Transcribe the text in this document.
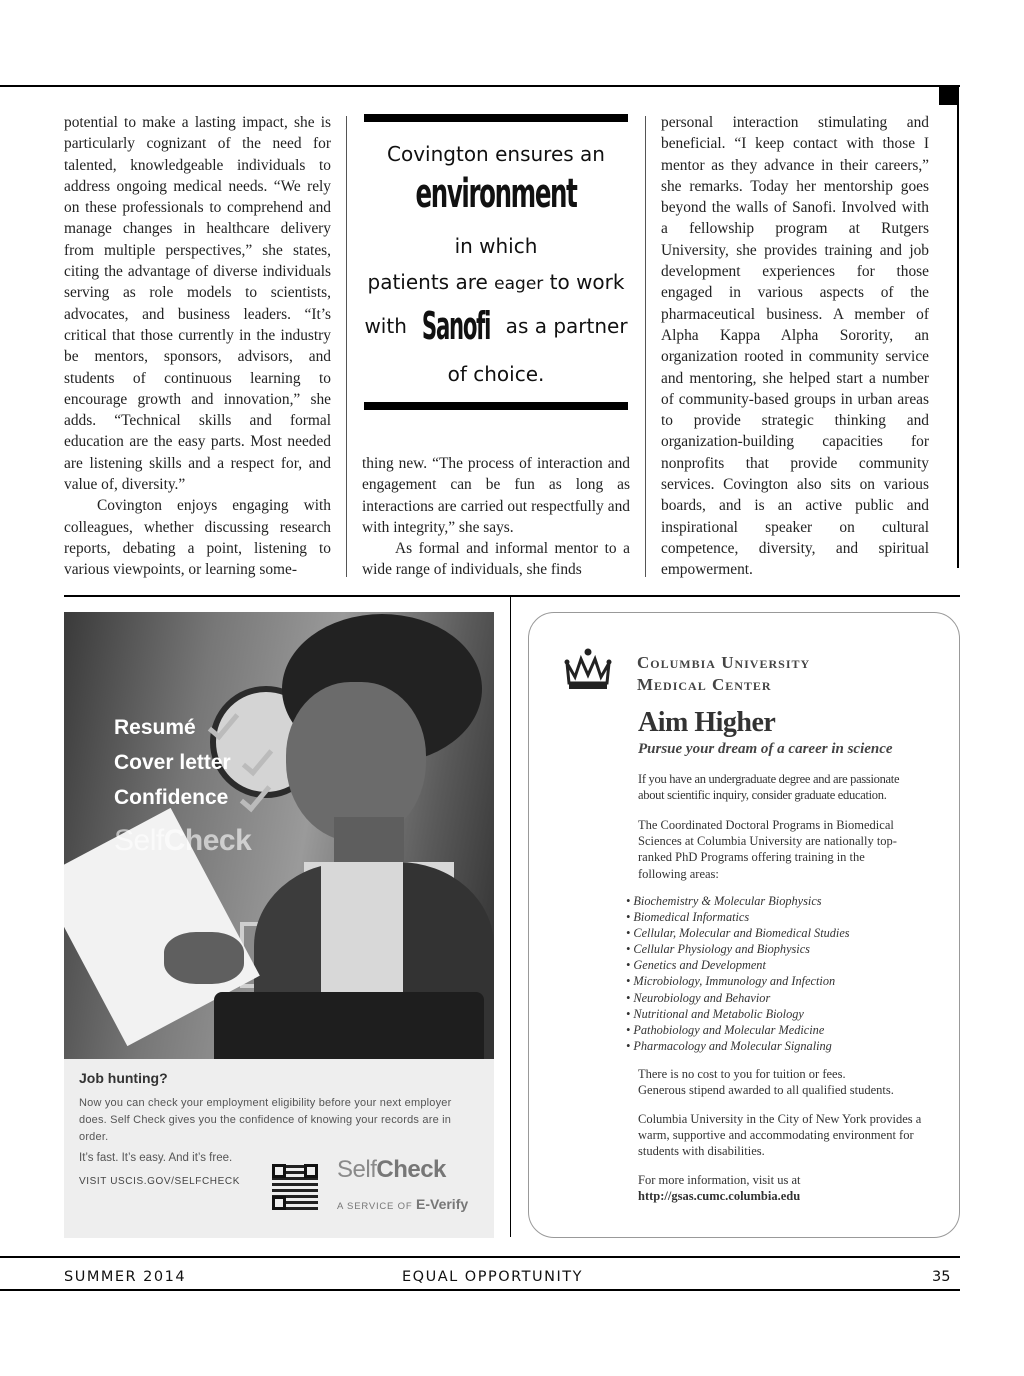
potential to make a lasting impact, she is particularly cognizant of the need for talented, knowledgeable individuals to address ongoing medical needs. “We rely on these professionals to comprehend and manage changes in healthcare delivery from multiple perspectives,” she states, citing the advantage of diverse individuals serving as role models to scientists, advocates, and business leaders. “It’s critical that those currently in the industry be mentors, sponsors, advisors, and students of continuous learning to encourage growth and innovation,” she adds. “Technical skills and formal education are the easy parts. Most needed are listening skills and a respect for, and value of, diversity.”

Covington enjoys engaging with colleagues, whether discussing research reports, debating a point, listening to various viewpoints, or learning some-

Covington ensures an
environment
in which
patients are eager to work
with Sanofi as a partner
of choice.

thing new. “The process of interaction and engagement can be fun as long as interactions are carried out respectfully and with integrity,” she says.

As formal and informal mentor to a wide range of individuals, she finds

personal interaction stimulating and beneficial. “I keep contact with those I mentor as they advance in their careers,” she remarks. Today her mentorship goes beyond the walls of Sanofi. Involved with a fellowship program at Rutgers University, she provides training and job development experiences for those engaged in various aspects of the pharmaceutical business. A member of Alpha Kappa Alpha Sorority, an organization rooted in community service and mentoring, she helped start a number of community-based groups in urban areas to provide strategic thinking and organization-building capacities for nonprofits that provide community services. Covington also sits on various boards, and is an active public and inspirational speaker on cultural competence, diversity, and spiritual empowerment.

Resumé
Cover letter
Confidence
SelfCheck
Job hunting?
Now you can check your employment eligibility before your next employer does. Self Check gives you the confidence of knowing your records are in order.
It’s fast. It’s easy. And it’s free.
VISIT USCIS.GOV/SELFCHECK	SelfCheck
A SERVICE OF E-Verify
Columbia University
Medical Center
Aim Higher
Pursue your dream of a career in science
If you have an undergraduate degree and are passionate about scientific inquiry, consider graduate education.
The Coordinated Doctoral Programs in Biomedical Sciences at Columbia University are nationally top-ranked PhD Programs offering training in the following areas:
• Biochemistry & Molecular Biophysics
• Biomedical Informatics
• Cellular, Molecular and Biomedical Studies
• Cellular Physiology and Biophysics
• Genetics and Development
• Microbiology, Immunology and Infection
• Neurobiology and Behavior
• Nutritional and Metabolic Biology
• Pathobiology and Molecular Medicine
• Pharmacology and Molecular Signaling
There is no cost to you for tuition or fees.
Generous stipend awarded to all qualified students.
Columbia University in the City of New York provides a warm, supportive and accommodating environment for students with disabilities.
For more information, visit us at
http://gsas.cumc.columbia.edu
SUMMER 2014	EQUAL OPPORTUNITY	35
